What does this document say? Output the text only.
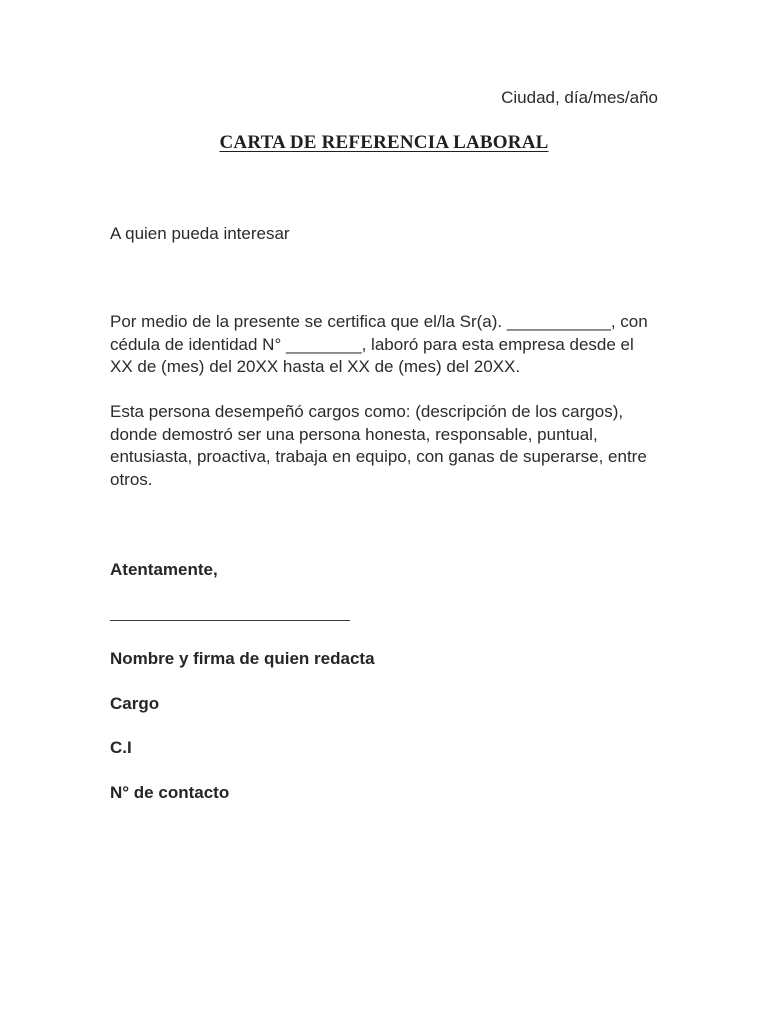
Ciudad, día/mes/año
CARTA DE REFERENCIA LABORAL
A quien pueda interesar
Por medio de la presente se certifica que el/la Sr(a). ___________, con cédula de identidad N° ________, laboró para esta empresa desde el XX de (mes) del 20XX hasta el XX de (mes) del 20XX.
Esta persona desempeñó cargos como: (descripción de los cargos), donde demostró ser una persona honesta, responsable, puntual, entusiasta, proactiva, trabaja en equipo, con ganas de superarse, entre otros.
Atentamente,
Nombre y firma de quien redacta
Cargo
C.I
N° de contacto
